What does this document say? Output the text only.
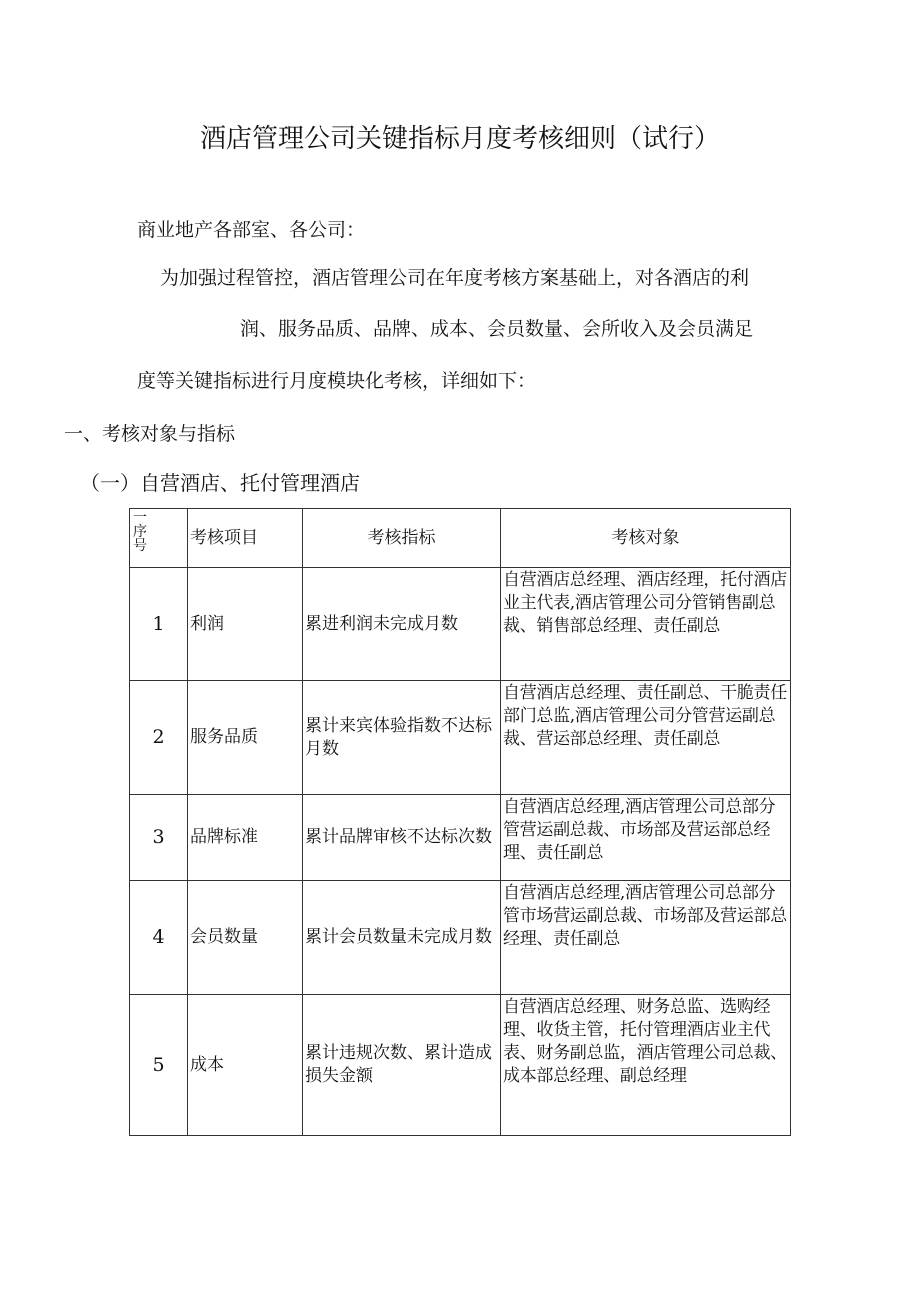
酒店管理公司关键指标月度考核细则（试行）

商业地产各部室、各公司：

为加强过程管控，酒店管理公司在年度考核方案基础上，对各酒店的利

润、服务品质、品牌、成本、会员数量、会所收入及会员满足

度等关键指标进行月度模块化考核，详细如下：

一、考核对象与指标

（一）自营酒店、托付管理酒店

一
序
号	考核项目	考核指标	考核对象
1	利润	累进利润未完成月数	自营酒店总经理、酒店经理，托付酒店业主代表,酒店管理公司分管销售副总裁、销售部总经理、责任副总
2	服务品质	累计来宾体验指数不达标月数	自营酒店总经理、责任副总、干脆责任部门总监,酒店管理公司分管营运副总裁、营运部总经理、责任副总
3	品牌标准	累计品牌审核不达标次数	自营酒店总经理,酒店管理公司总部分管营运副总裁、市场部及营运部总经理、责任副总
4	会员数量	累计会员数量未完成月数	自营酒店总经理,酒店管理公司总部分管市场营运副总裁、市场部及营运部总经理、责任副总
5	成本	累计违规次数、累计造成损失金额	自营酒店总经理、财务总监、选购经理、收货主管，托付管理酒店业主代表、财务副总监，酒店管理公司总裁、成本部总经理、副总经理
